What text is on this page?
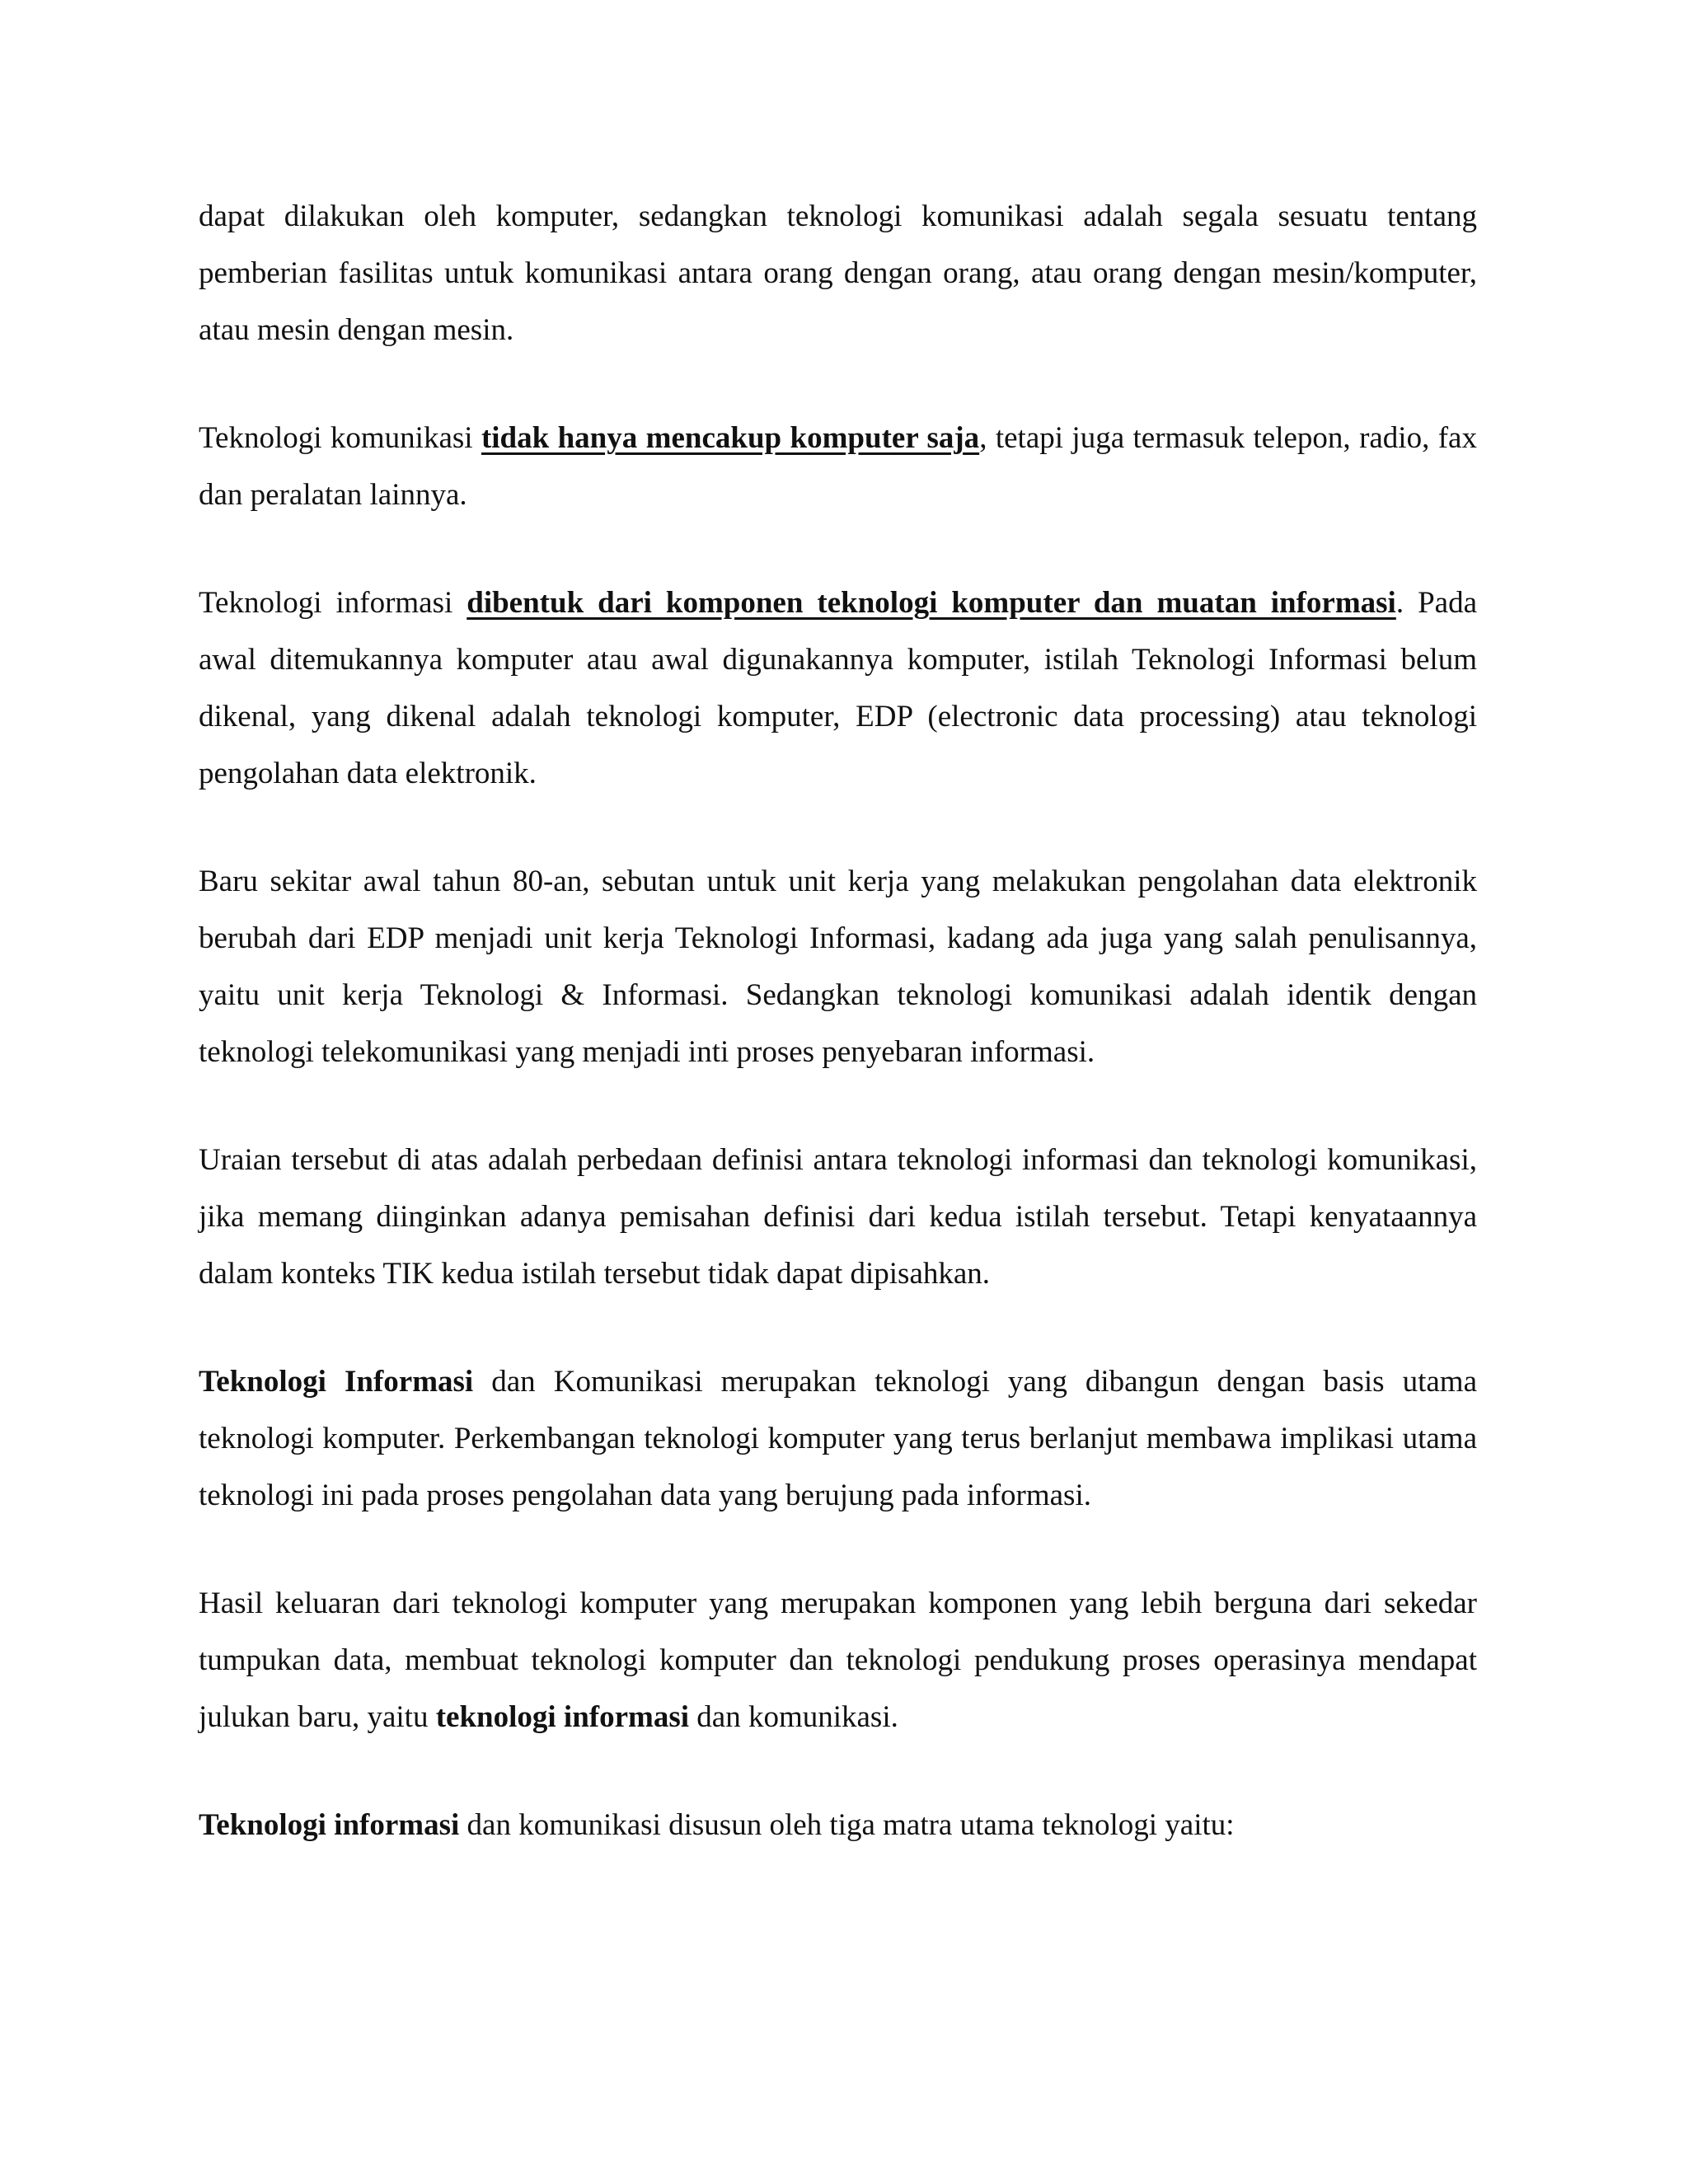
dapat dilakukan oleh komputer, sedangkan teknologi komunikasi adalah segala sesuatu tentang pemberian fasilitas untuk komunikasi antara orang dengan orang, atau orang dengan mesin/komputer, atau mesin dengan mesin.

Teknologi komunikasi tidak hanya mencakup komputer saja, tetapi juga termasuk telepon, radio, fax dan peralatan lainnya.

Teknologi informasi dibentuk dari komponen teknologi komputer dan muatan informasi. Pada awal ditemukannya komputer atau awal digunakannya komputer, istilah Teknologi Informasi belum dikenal, yang dikenal adalah teknologi komputer, EDP (electronic data processing) atau teknologi pengolahan data elektronik.

Baru sekitar awal tahun 80-an, sebutan untuk unit kerja yang melakukan pengolahan data elektronik berubah dari EDP menjadi unit kerja Teknologi Informasi, kadang ada juga yang salah penulisannya, yaitu unit kerja Teknologi & Informasi. Sedangkan teknologi komunikasi adalah identik dengan teknologi telekomunikasi yang menjadi inti proses penyebaran informasi.

Uraian tersebut di atas adalah perbedaan definisi antara teknologi informasi dan teknologi komunikasi, jika memang diinginkan adanya pemisahan definisi dari kedua istilah tersebut. Tetapi kenyataannya dalam konteks TIK kedua istilah tersebut tidak dapat dipisahkan.

Teknologi Informasi dan Komunikasi merupakan teknologi yang dibangun dengan basis utama teknologi komputer. Perkembangan teknologi komputer yang terus berlanjut membawa implikasi utama teknologi ini pada proses pengolahan data yang berujung pada informasi.

Hasil keluaran dari teknologi komputer yang merupakan komponen yang lebih berguna dari sekedar tumpukan data, membuat teknologi komputer dan teknologi pendukung proses operasinya mendapat julukan baru, yaitu teknologi informasi dan komunikasi.

Teknologi informasi dan komunikasi disusun oleh tiga matra utama teknologi yaitu:
